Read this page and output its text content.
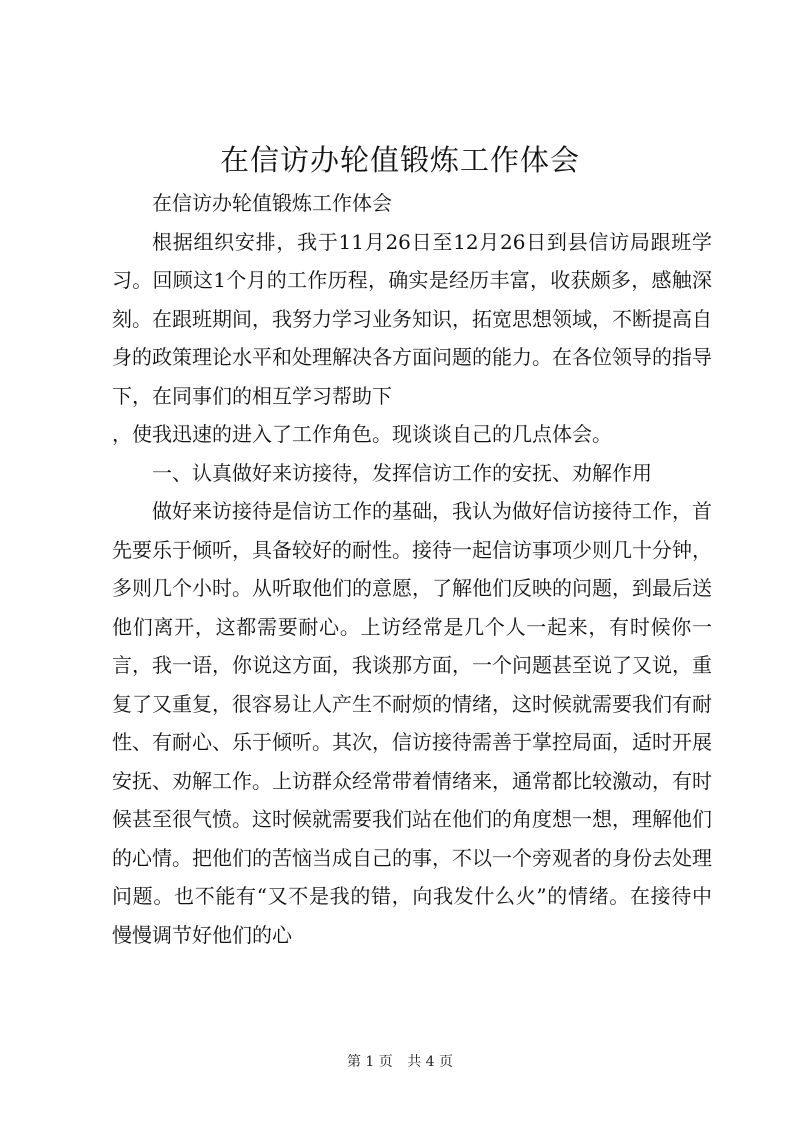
在信访办轮值锻炼工作体会

在信访办轮值锻炼工作体会

根据组织安排，我于11月26日至12月26日到县信访局跟班学习。回顾这1个月的工作历程，确实是经历丰富，收获颇多，感触深刻。在跟班期间，我努力学习业务知识，拓宽思想领域，不断提高自身的政策理论水平和处理解决各方面问题的能力。在各位领导的指导下，在同事们的相互学习帮助下

，使我迅速的进入了工作角色。现谈谈自己的几点体会。

一、认真做好来访接待，发挥信访工作的安抚、劝解作用

做好来访接待是信访工作的基础，我认为做好信访接待工作，首先要乐于倾听，具备较好的耐性。接待一起信访事项少则几十分钟，多则几个小时。从听取他们的意愿，了解他们反映的问题，到最后送他们离开，这都需要耐心。上访经常是几个人一起来，有时候你一言，我一语，你说这方面，我谈那方面，一个问题甚至说了又说，重复了又重复，很容易让人产生不耐烦的情绪，这时候就需要我们有耐性、有耐心、乐于倾听。其次，信访接待需善于掌控局面，适时开展安抚、劝解工作。上访群众经常带着情绪来，通常都比较激动，有时候甚至很气愤。这时候就需要我们站在他们的角度想一想，理解他们的心情。把他们的苦恼当成自己的事，不以一个旁观者的身份去处理问题。也不能有“又不是我的错，向我发什么火”的情绪。在接待中慢慢调节好他们的心

第 1 页 共 4 页
